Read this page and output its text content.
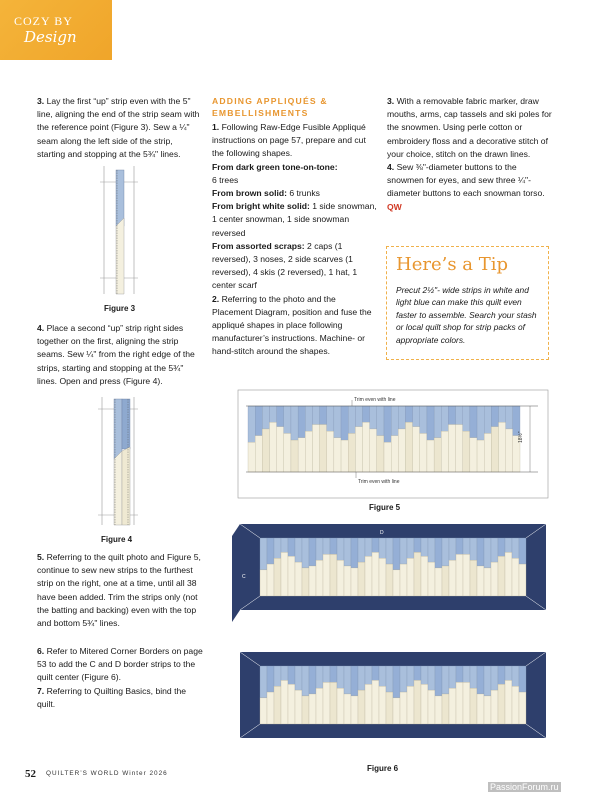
COZY BY
Design
3. Lay the first “up” strip even with the 5" line, aligning the end of the strip seam with the reference point (Figure 3). Sew a ¼" seam along the left side of the strip, starting and stopping at the 5¾" lines.
Figure 3
4. Place a second “up” strip right sides together on the first, aligning the strip seams. Sew ¼" from the right edge of the strips, starting and stopping at the 5¾" lines. Open and press (Figure 4).
Figure 4
5. Referring to the quilt photo and Figure 5, continue to sew new strips to the furthest strip on the right, one at a time, until all 38 have been added. Trim the strips only (not the batting and backing) even with the top and bottom 5¾" lines.
6. Refer to Mitered Corner Borders on page 53 to add the C and D border strips to the quilt center (Figure 6).
7. Referring to Quilting Basics, bind the quilt.
ADDING APPLIQUÉS & EMBELLISHMENTS
1. Following Raw-Edge Fusible Appliqué instructions on page 57, prepare and cut the following shapes.
From dark green tone-on-tone:
6 trees
From brown solid: 6 trunks
From bright white solid: 1 side snowman, 1 center snowman, 1 side snowman reversed
From assorted scraps: 2 caps (1 reversed), 3 noses, 2 side scarves (1 reversed), 4 skis (2 reversed), 1 hat, 1 center scarf
2. Referring to the photo and the Placement Diagram, position and fuse the appliqué shapes in place following manufacturer’s instructions. Machine- or hand-stitch around the shapes.
3. With a removable fabric marker, draw mouths, arms, cap tassels and ski poles for the snowmen. Using perle cotton or embroidery floss and a decorative stitch of your choice, stitch on the drawn lines.
4. Sew ⅜"-diameter buttons to the snowmen for eyes, and sew three ¼"-diameter buttons to each snowman torso. QW
Here’s a Tip
Precut 2½"- wide strips in white and light blue can make this quilt even faster to assemble. Search your stash or local quilt shop for strip packs of appropriate colors.
Trim even with line
Trim even with line
18½"
Figure 5
D
C
Figure 6
52 QUILTER’S WORLD Winter 2026
PassionForum.ru
